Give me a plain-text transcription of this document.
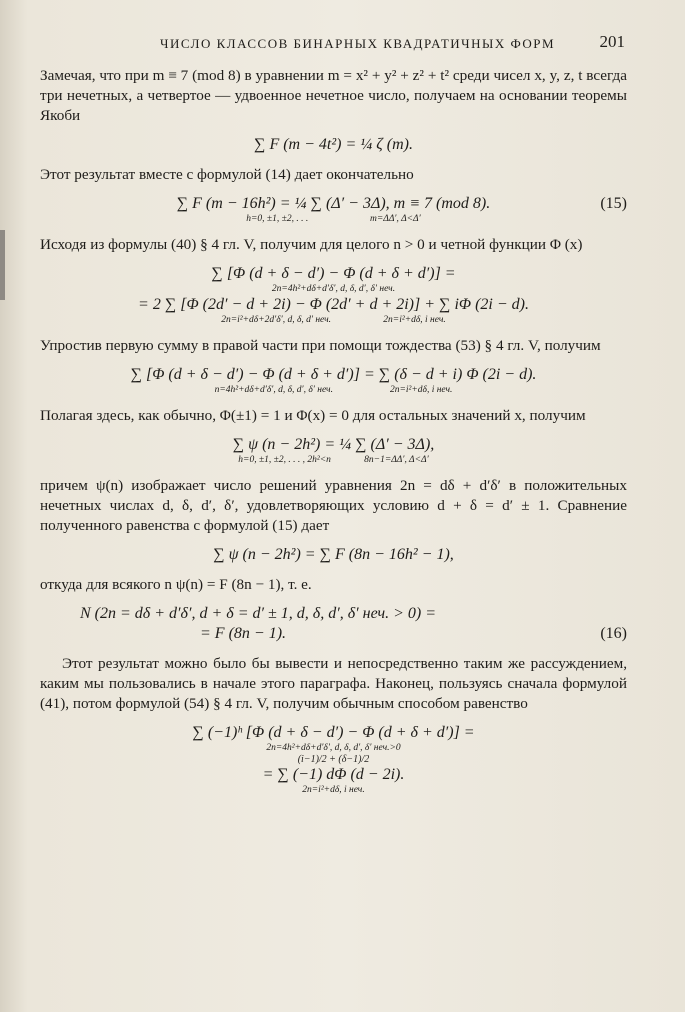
ЧИСЛО КЛАССОВ БИНАРНЫХ КВАДРАТИЧНЫХ ФОРМ	201

Замечая, что при m ≡ 7 (mod 8) в уравнении m = x² + y² + z² + t² среди чисел x, y, z, t всегда три нечетных, а четвертое — удвоенное нечетное число, получаем на основании теоремы Якоби

∑ F (m − 4t²) = ¼ ζ (m).

Этот результат вместе с формулой (14) дает окончательно

∑ F (m − 16h²) = ¼ ∑ (Δ′ − 3Δ), m ≡ 7 (mod 8).	(15)
h=0, ±1, ±2, . . .	m=ΔΔ′, Δ<Δ′

Исходя из формулы (40) § 4 гл. V, получим для целого n > 0 и четной функции Φ (x)

∑ [Φ (d + δ − d′) − Φ (d + δ + d′)] =
2n=4h²+dδ+d′δ′, d, δ, d′, δ′ неч.
= 2 ∑ [Φ (2d′ − d + 2i) − Φ (2d′ + d + 2i)] + ∑ iΦ (2i − d).
2n=i²+dδ+2d′δ′, d, δ, d′ неч.	2n=i²+dδ, i неч.

Упростив первую сумму в правой части при помощи тождества (53) § 4 гл. V, получим

∑ [Φ (d + δ − d′) − Φ (d + δ + d′)] = ∑ (δ − d + i) Φ (2i − d).
n=4h²+dδ+d′δ′, d, δ, d′, δ′ неч.	2n=i²+dδ, i неч.

Полагая здесь, как обычно, Φ(±1) = 1 и Φ(x) = 0 для остальных значений x, получим

∑ ψ (n − 2h²) = ¼ ∑ (Δ′ − 3Δ),
h=0, ±1, ±2, . . . , 2h²<n	8n−1=ΔΔ′, Δ<Δ′

причем ψ(n) изображает число решений уравнения 2n = dδ + d′δ′ в положительных нечетных числах d, δ, d′, δ′, удовлетворяющих условию d + δ = d′ ± 1. Сравнение полученного равенства с формулой (15) дает

∑ ψ (n − 2h²) = ∑ F (8n − 16h² − 1),

откуда для всякого n ψ(n) = F (8n − 1), т. е.

N (2n = dδ + d′δ′, d + δ = d′ ± 1, d, δ, d′, δ′ неч. > 0) =
= F (8n − 1).	(16)

Этот результат можно было бы вывести и непосредственно таким же рассуждением, каким мы пользовались в начале этого параграфа. Наконец, пользуясь сначала формулой (41), потом формулой (54) § 4 гл. V, получим обычным способом равенство

∑ (−1)ʰ [Φ (d + δ − d′) − Φ (d + δ + d′)] =
2n=4h²+dδ+d′δ′, d, δ, d′, δ′ неч.>0
(i−1)/2 + (δ−1)/2
= ∑ (−1) dΦ (d − 2i).
2n=i²+dδ, i неч.
